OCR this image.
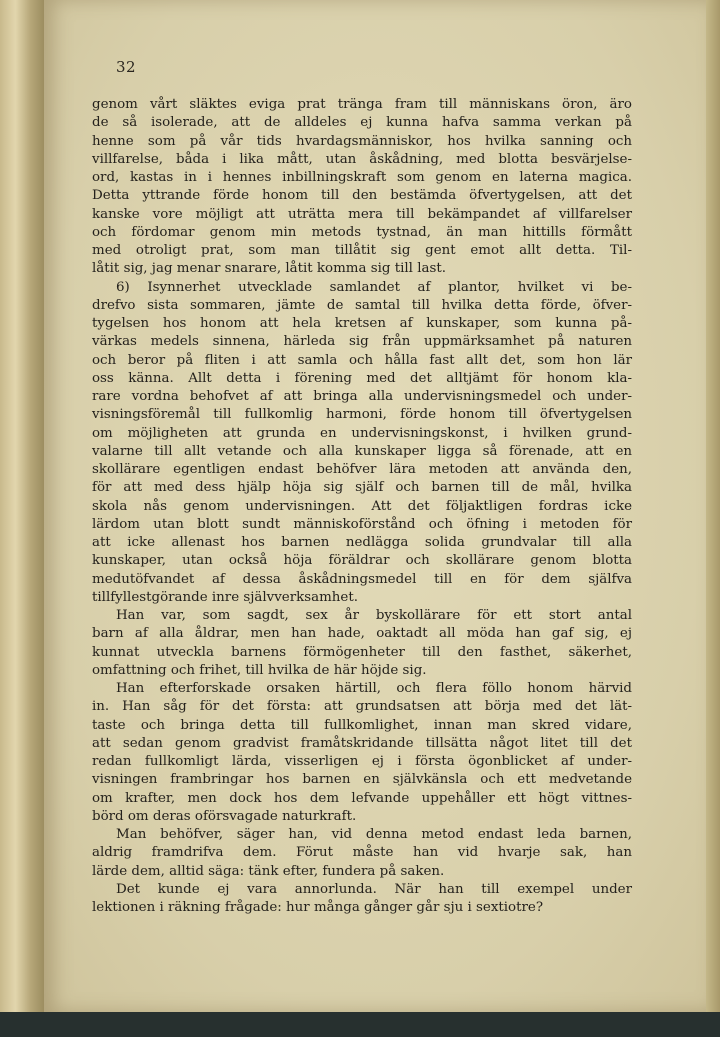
32
genom vårt släktes eviga prat tränga fram till människans öron, äro
de så isolerade, att de alldeles ej kunna hafva samma verkan på
henne som på vår tids hvardagsmänniskor, hos hvilka sanning och
villfarelse, båda i lika mått, utan åskådning, med blotta besvärjelse-
ord, kastas in i hennes inbillningskraft som genom en laterna magica.
Detta yttrande förde honom till den bestämda öfvertygelsen, att det
kanske vore möjligt att uträtta mera till bekämpandet af villfarelser
och fördomar genom min metods tystnad, än man hittills förmått
med otroligt prat, som man tillåtit sig gent emot allt detta. Til-
låtit sig, jag menar snarare, låtit komma sig till last.
6) Isynnerhet utvecklade samlandet af plantor, hvilket vi be-
drefvo sista sommaren, jämte de samtal till hvilka detta förde, öfver-
tygelsen hos honom att hela kretsen af kunskaper, som kunna på-
värkas medels sinnena, härleda sig från uppmärksamhet på naturen
och beror på fliten i att samla och hålla fast allt det, som hon lär
oss känna. Allt detta i förening med det alltjämt för honom kla-
rare vordna behofvet af att bringa alla undervisningsmedel och under-
visningsföremål till fullkomlig harmoni, förde honom till öfvertygelsen
om möjligheten att grunda en undervisningskonst, i hvilken grund-
valarne till allt vetande och alla kunskaper ligga så förenade, att en
skollärare egentligen endast behöfver lära metoden att använda den,
för att med dess hjälp höja sig själf och barnen till de mål, hvilka
skola nås genom undervisningen. Att det följaktligen fordras icke
lärdom utan blott sundt människoförstånd och öfning i metoden för
att icke allenast hos barnen nedlägga solida grundvalar till alla
kunskaper, utan också höja föräldrar och skollärare genom blotta
medutöfvandet af dessa åskådningsmedel till en för dem själfva
tillfyllestgörande inre självverksamhet.
Han var, som sagdt, sex år byskollärare för ett stort antal
barn af alla åldrar, men han hade, oaktadt all möda han gaf sig, ej
kunnat utveckla barnens förmögenheter till den fasthet, säkerhet,
omfattning och frihet, till hvilka de här höjde sig.
Han efterforskade orsaken härtill, och flera föllo honom härvid
in. Han såg för det första: att grundsatsen att börja med det lät-
taste och bringa detta till fullkomlighet, innan man skred vidare,
att sedan genom gradvist framåtskridande tillsätta något litet till det
redan fullkomligt lärda, visserligen ej i första ögonblicket af under-
visningen frambringar hos barnen en självkänsla och ett medvetande
om krafter, men dock hos dem lefvande uppehåller ett högt vittnes-
börd om deras oförsvagade naturkraft.
Man behöfver, säger han, vid denna metod endast leda barnen,
aldrig framdrifva dem. Förut måste han vid hvarje sak, han
lärde dem, alltid säga: tänk efter, fundera på saken.
Det kunde ej vara annorlunda. När han till exempel under
lektionen i räkning frågade: hur många gånger går sju i sextiotre?
